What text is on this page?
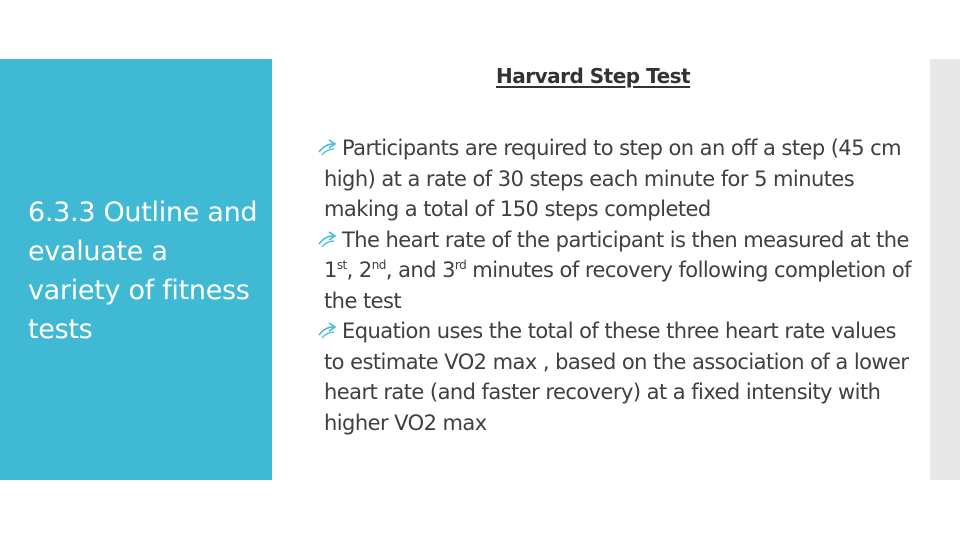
6.3.3 Outline and evaluate a variety of fitness tests
Harvard Step Test
Participants are required to step on an off a step (45 cm high) at a rate of 30 steps each minute for 5 minutes making a total of 150 steps completed
The heart rate of the participant is then measured at the 1st, 2nd, and 3rd minutes of recovery following completion of the test
Equation uses the total of these three heart rate values to estimate VO2 max , based on the association of a lower heart rate (and faster recovery) at a fixed intensity with higher VO2 max
